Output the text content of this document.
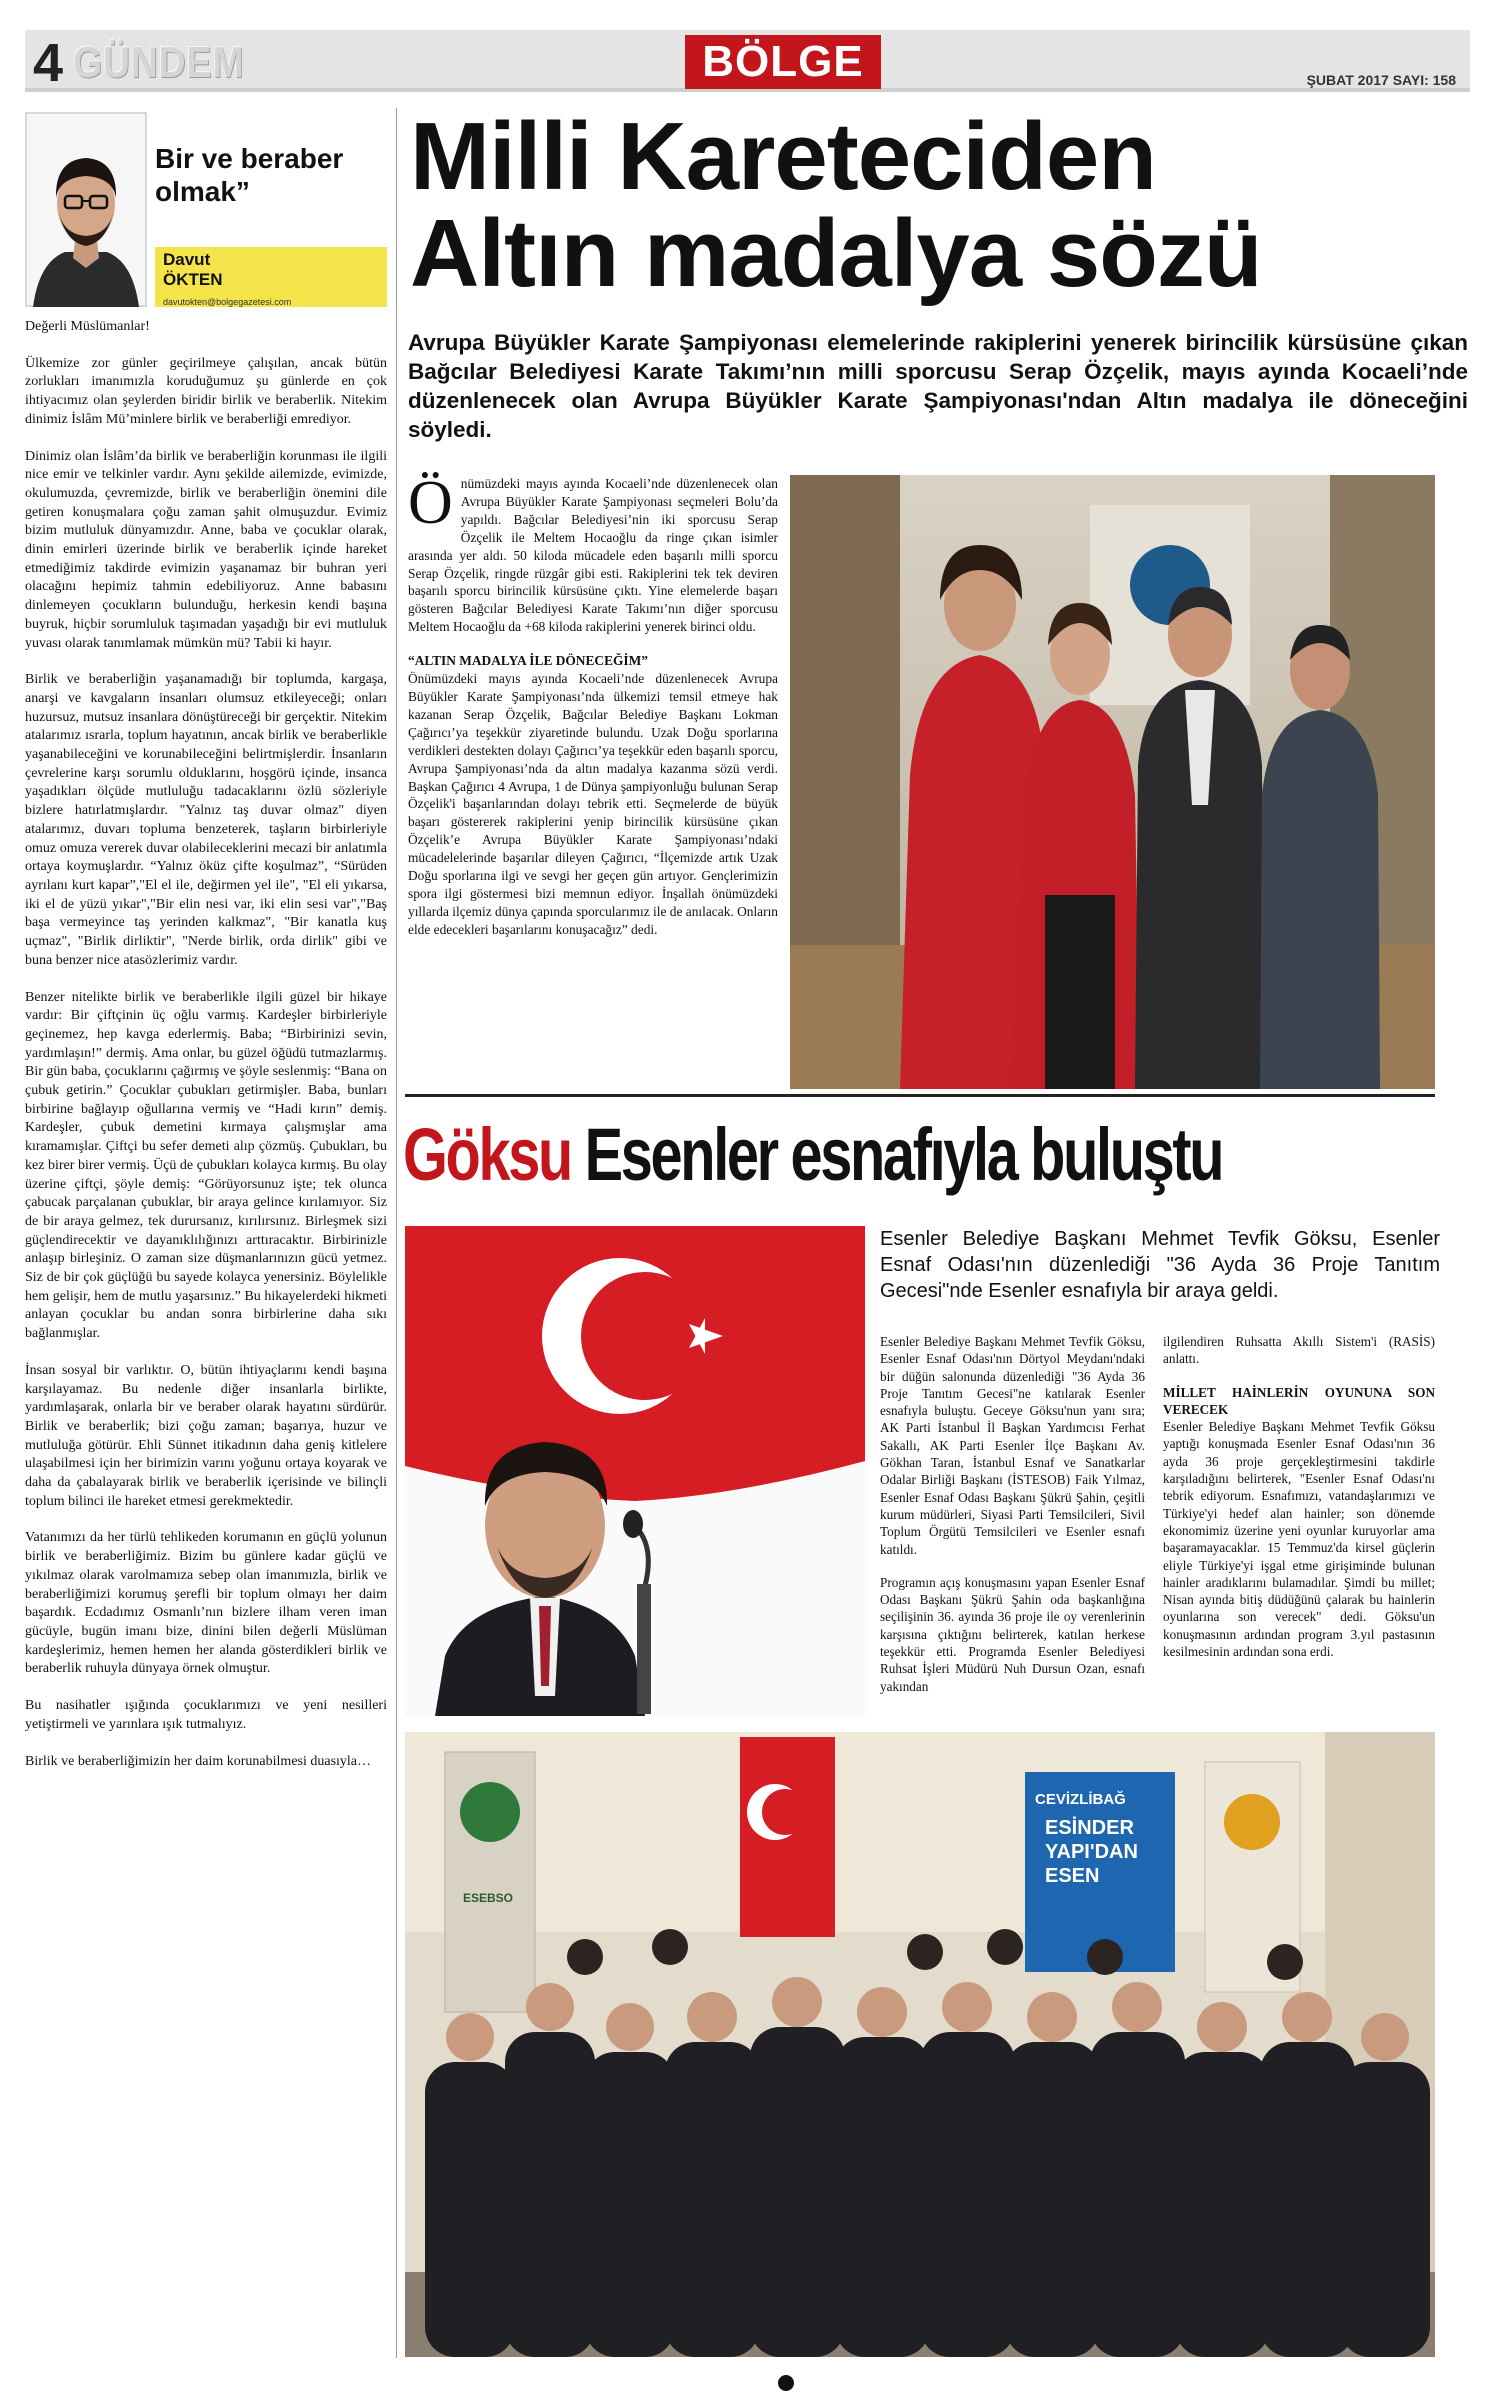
4 GÜNDEM	BÖLGE	ŞUBAT 2017 SAYI: 158
Bir ve beraber
olmak”
Davut
ÖKTEN
davutokten@bolgegazetesi.com

Değerli Müslümanlar!

Ülkemize zor günler geçirilmeye çalışılan, ancak bütün zorlukları imanımızla koruduğumuz şu günlerde en çok ihtiyacımız olan şeylerden biridir birlik ve beraberlik. Nitekim dinimiz İslâm Mü’minlere birlik ve beraberliği emrediyor.

Dinimiz olan İslâm’da birlik ve beraberliğin korunması ile ilgili nice emir ve telkinler vardır. Aynı şekilde ailemizde, evimizde, okulumuzda, çevremizde, birlik ve beraberliğin önemini dile getiren konuşmalara çoğu zaman şahit olmuşuzdur. Evimiz bizim mutluluk dünyamızdır. Anne, baba ve çocuklar olarak, dinin emirleri üzerinde birlik ve beraberlik içinde hareket etmediğimiz takdirde evimizin yaşanamaz bir buhran yeri olacağını hepimiz tahmin edebiliyoruz. Anne babasını dinlemeyen çocukların bulunduğu, herkesin kendi başına buyruk, hiçbir sorumluluk taşımadan yaşadığı bir evi mutluluk yuvası olarak tanımlamak mümkün mü? Tabii ki hayır.

Birlik ve beraberliğin yaşanamadığı bir toplumda, kargaşa, anarşi ve kavgaların insanları olumsuz etkileyeceği; onları huzursuz, mutsuz insanlara dönüştüreceği bir gerçektir. Nitekim atalarımız ısrarla, toplum hayatının, ancak birlik ve beraberlikle yaşanabileceğini ve korunabileceğini belirtmişlerdir. İnsanların çevrelerine karşı sorumlu olduklarını, hoşgörü içinde, insanca yaşadıkları ölçüde mutluluğu tadacaklarını özlü sözleriyle bizlere hatırlatmışlardır. "Yalnız taş duvar olmaz" diyen atalarımız, duvarı topluma benzeterek, taşların birbirleriyle omuz omuza vererek duvar olabileceklerini mecazi bir anlatımla ortaya koymuşlardır. “Yalnız öküz çifte koşulmaz”, “Sürüden ayrılanı kurt kapar”,"El el ile, değirmen yel ile", "El eli yıkarsa, iki el de yüzü yıkar","Bir elin nesi var, iki elin sesi var","Baş başa vermeyince taş yerinden kalkmaz", "Bir kanatla kuş uçmaz", "Birlik dirliktir", "Nerde birlik, orda dirlik" gibi ve buna benzer nice atasözlerimiz vardır.

Benzer nitelikte birlik ve beraberlikle ilgili güzel bir hikaye vardır: Bir çiftçinin üç oğlu varmış. Kardeşler birbirleriyle geçinemez, hep kavga ederlermiş. Baba; “Birbirinizi sevin, yardımlaşın!” dermiş. Ama onlar, bu güzel öğüdü tutmazlarmış. Bir gün baba, çocuklarını çağırmış ve şöyle seslenmiş: “Bana on çubuk getirin.” Çocuklar çubukları getirmişler. Baba, bunları birbirine bağlayıp oğullarına vermiş ve “Hadi kırın” demiş. Kardeşler, çubuk demetini kırmaya çalışmışlar ama kıramamışlar. Çiftçi bu sefer demeti alıp çözmüş. Çubukları, bu kez birer birer vermiş. Üçü de çubukları kolayca kırmış. Bu olay üzerine çiftçi, şöyle demiş: “Görüyorsunuz işte; tek olunca çabucak parçalanan çubuklar, bir araya gelince kırılamıyor. Siz de bir araya gelmez, tek durursanız, kırılırsınız. Birleşmek sizi güçlendirecektir ve dayanıklılığınızı arttıracaktır. Birbirinizle anlaşıp birleşiniz. O zaman size düşmanlarınızın gücü yetmez. Siz de bir çok güçlüğü bu sayede kolayca yenersiniz. Böylelikle hem gelişir, hem de mutlu yaşarsınız.” Bu hikayelerdeki hikmeti anlayan çocuklar bu andan sonra birbirlerine daha sıkı bağlanmışlar.

İnsan sosyal bir varlıktır. O, bütün ihtiyaçlarını kendi başına karşılayamaz. Bu nedenle diğer insanlarla birlikte, yardımlaşarak, onlarla bir ve beraber olarak hayatını sürdürür. Birlik ve beraberlik; bizi çoğu zaman; başarıya, huzur ve mutluluğa götürür. Ehli Sünnet itikadının daha geniş kitlelere ulaşabilmesi için her birimizin varını yoğunu ortaya koyarak ve daha da çabalayarak birlik ve beraberlik içerisinde ve bilinçli toplum bilinci ile hareket etmesi gerekmektedir.

Vatanımızı da her türlü tehlikeden korumanın en güçlü yolunun birlik ve beraberliğimiz. Bizim bu günlere kadar güçlü ve yıkılmaz olarak varolmamıza sebep olan imanımızla, birlik ve beraberliğimizi korumuş şerefli bir toplum olmayı her daim başardık. Ecdadımız Osmanlı’nın bizlere ilham veren iman gücüyle, bugün imanı bize, dinini bilen değerli Müslüman kardeşlerimiz, hemen hemen her alanda gösterdikleri birlik ve beraberlik ruhuyla dünyaya örnek olmuştur.

Bu nasihatler ışığında çocuklarımızı ve yeni nesilleri yetiştirmeli ve yarınlara ışık tutmalıyız.

Birlik ve beraberliğimizin her daim korunabilmesi duasıyla…

Milli Kareteciden
Altın madalya sözü
Avrupa Büyükler Karate Şampiyonası elemelerinde rakiplerini yenerek birincilik kürsüsüne çıkan Bağcılar Belediyesi Karate Takımı’nın milli sporcusu Serap Özçelik, mayıs ayında Kocaeli’nde düzenlenecek olan Avrupa Büyükler Karate Şampiyonası'ndan Altın madalya ile döneceğini söyledi.

Önümüzdeki mayıs ayında Kocaeli’nde düzenlenecek olan Avrupa Büyükler Karate Şampiyonası seçmeleri Bolu’da yapıldı. Bağcılar Belediyesi’nin iki sporcusu Serap Özçelik ile Meltem Hocaoğlu da ringe çıkan isimler arasında yer aldı. 50 kiloda mücadele eden başarılı milli sporcu Serap Özçelik, ringde rüzgâr gibi esti. Rakiplerini tek tek deviren başarılı sporcu birincilik kürsüsüne çıktı. Yine elemelerde başarı gösteren Bağcılar Belediyesi Karate Takımı’nın diğer sporcusu Meltem Hocaoğlu da +68 kiloda rakiplerini yenerek birinci oldu.

“ALTIN MADALYA İLE DÖNECEĞİM”
Önümüzdeki mayıs ayında Kocaeli’nde düzenlenecek Avrupa Büyükler Karate Şampiyonası’nda ülkemizi temsil etmeye hak kazanan Serap Özçelik, Bağcılar Belediye Başkanı Lokman Çağırıcı’ya teşekkür ziyaretinde bulundu. Uzak Doğu sporlarına verdikleri destekten dolayı Çağırıcı’ya teşekkür eden başarılı sporcu, Avrupa Şampiyonası’nda da altın madalya kazanma sözü verdi. Başkan Çağırıcı 4 Avrupa, 1 de Dünya şampiyonluğu bulunan Serap Özçelik'i başarılarından dolayı tebrik etti. Seçmelerde de büyük başarı göstererek rakiplerini yenip birincilik kürsüsüne çıkan Özçelik’e Avrupa Büyükler Karate Şampiyonası’ndaki mücadelelerinde başarılar dileyen Çağırıcı, “İlçemizde artık Uzak Doğu sporlarına ilgi ve sevgi her geçen gün artıyor. Gençlerimizin spora ilgi göstermesi bizi memnun ediyor. İnşallah önümüzdeki yıllarda ilçemiz dünya çapında sporcularımız ile de anılacak. Onların elde edecekleri başarılarını konuşacağız” dedi.

Göksu Esenler esnafıyla buluştu
Esenler Belediye Başkanı Mehmet Tevfik Göksu, Esenler Esnaf Odası'nın düzenlediği "36 Ayda 36 Proje Tanıtım Gecesi"nde Esenler esnafıyla bir araya geldi.

Esenler Belediye Başkanı Mehmet Tevfik Göksu, Esenler Esnaf Odası'nın Dörtyol Meydanı'ndaki bir düğün salonunda düzenlediği "36 Ayda 36 Proje Tanıtım Gecesi"ne katılarak Esenler esnafıyla buluştu. Geceye Göksu'nun yanı sıra; AK Parti İstanbul İl Başkan Yardımcısı Ferhat Sakallı, AK Parti Esenler İlçe Başkanı Av. Gökhan Taran, İstanbul Esnaf ve Sanatkarlar Odalar Birliği Başkanı (İSTESOB) Faik Yılmaz, Esenler Esnaf Odası Başkanı Şükrü Şahin, çeşitli kurum müdürleri, Siyasi Parti Temsilcileri, Sivil Toplum Örgütü Temsilcileri ve Esenler esnafı katıldı.

Programın açış konuşmasını yapan Esenler Esnaf Odası Başkanı Şükrü Şahin oda başkanlığına seçilişinin 36. ayında 36 proje ile oy verenlerinin karşısına çıktığını belirterek, katılan herkese teşekkür etti. Programda Esenler Belediyesi Ruhsat İşleri Müdürü Nuh Dursun Ozan, esnafı yakından

ilgilendiren Ruhsatta Akıllı Sistem'i (RASİS) anlattı.

MİLLET HAİNLERİN OYUNUNA SON VERECEK
Esenler Belediye Başkanı Mehmet Tevfik Göksu yaptığı konuşmada Esenler Esnaf Odası'nın 36 ayda 36 proje gerçekleştirmesini takdirle karşıladığını belirterek, "Esenler Esnaf Odası'nı tebrik ediyorum. Esnafımızı, vatandaşlarımızı ve Türkiye'yi hedef alan hainler; son dönemde ekonomimiz üzerine yeni oyunlar kuruyorlar ama başaramayacaklar. 15 Temmuz'da kirsel güçlerin eliyle Türkiye'yi işgal etme girişiminde bulunan hainler aradıklarını bulamadılar. Şimdi bu millet; Nisan ayında bitiş düdüğünü çalarak bu hainlerin oyunlarına son verecek" dedi. Göksu'un konuşmasının ardından program 3.yıl pastasının kesilmesinin ardından sona erdi.

CEVİZLİBAĞ
ESİNDER
YAPI'DAN
ESEN
ESEBSO
